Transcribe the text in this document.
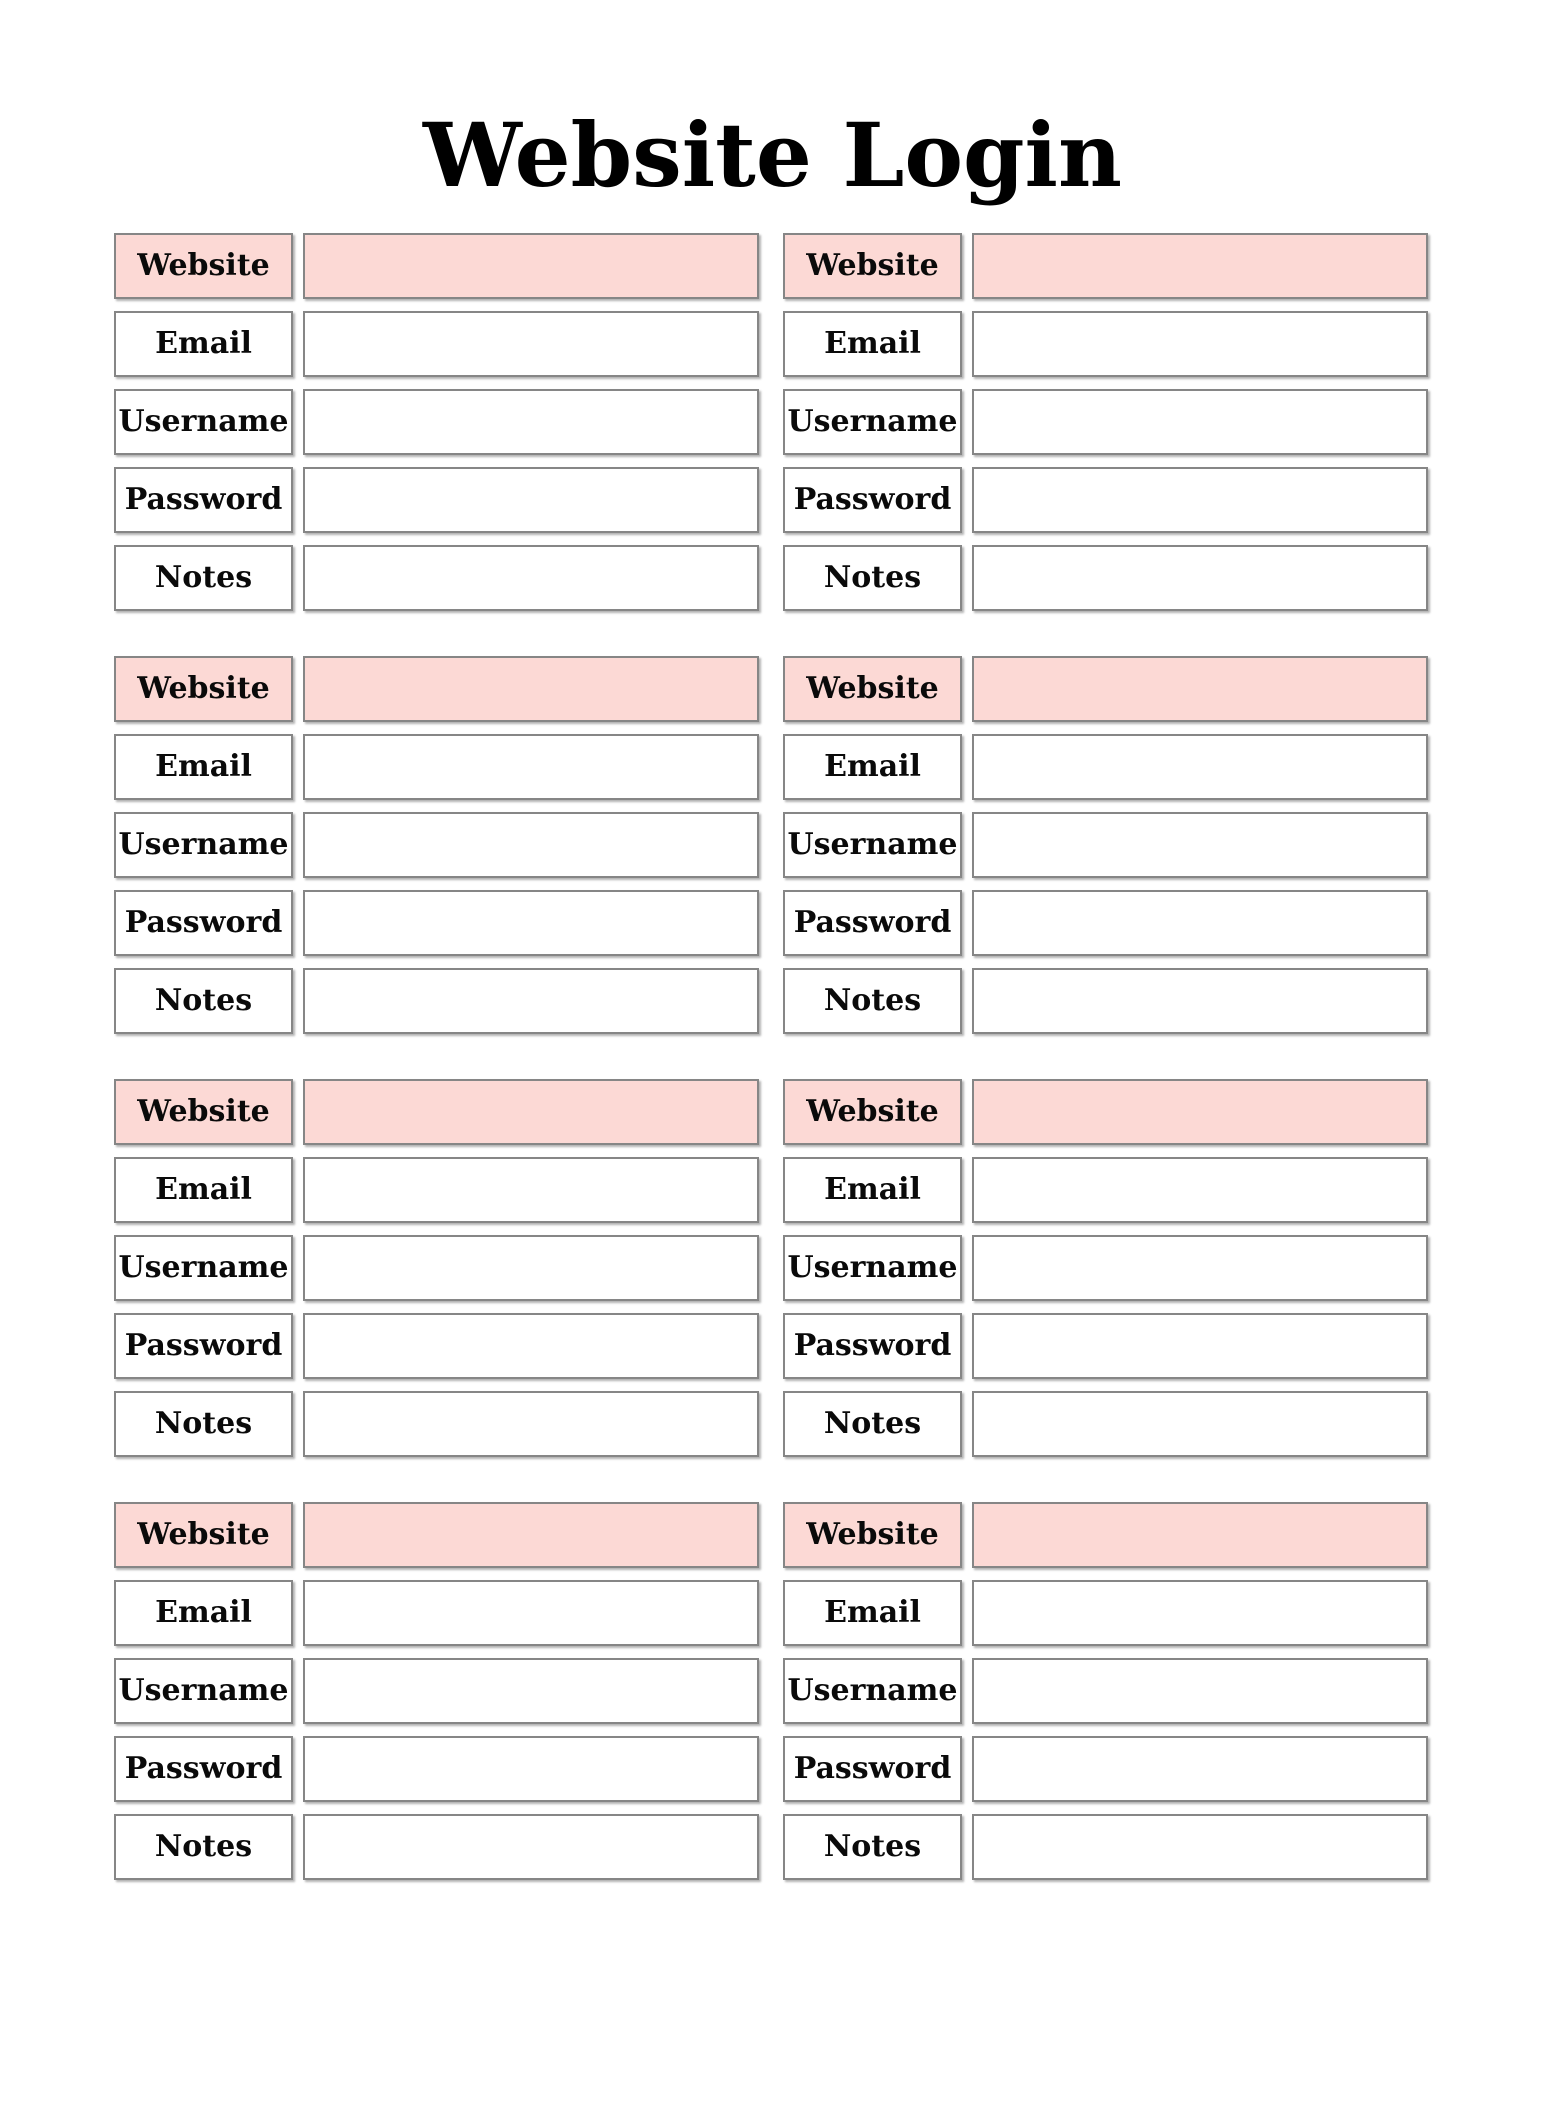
Website Login
Website
Email
Username
Password
Notes
Website
Email
Username
Password
Notes
Website
Email
Username
Password
Notes
Website
Email
Username
Password
Notes
Website
Email
Username
Password
Notes
Website
Email
Username
Password
Notes
Website
Email
Username
Password
Notes
Website
Email
Username
Password
Notes
